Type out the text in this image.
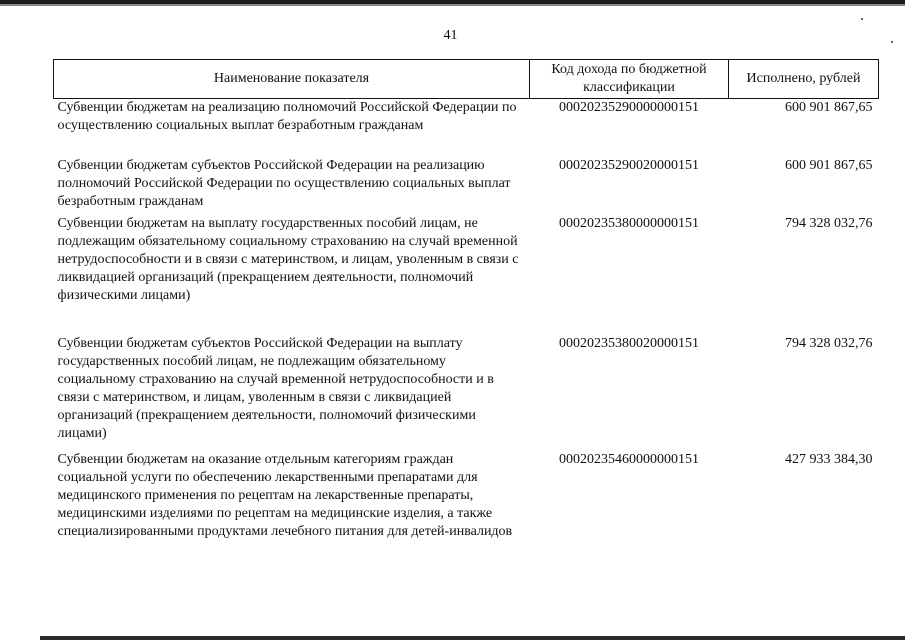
41
Наименование показателя	Код дохода по бюджетной классификации	Исполнено, рублей
Субвенции бюджетам на реализацию полномочий Российской Федерации по осуществлению социальных выплат безработным гражданам	00020235290000000151	600 901 867,65
Субвенции бюджетам субъектов Российской Федерации на реализацию полномочий Российской Федерации по осуществлению социальных выплат безработным гражданам	00020235290020000151	600 901 867,65
Субвенции бюджетам на выплату государственных пособий лицам, не подлежащим обязательному социальному страхованию на случай временной нетрудоспособности и в связи с материнством, и лицам, уволенным в связи с ликвидацией организаций (прекращением деятельности, полномочий физическими лицами)	00020235380000000151	794 328 032,76
Субвенции бюджетам субъектов Российской Федерации на выплату государственных пособий лицам, не подлежащим обязательному социальному страхованию на случай временной нетрудоспособности и в связи с материнством, и лицам, уволенным в связи с ликвидацией организаций (прекращением деятельности, полномочий физическими лицами)	00020235380020000151	794 328 032,76
Субвенции бюджетам на оказание отдельным категориям граждан социальной услуги по обеспечению лекарственными препаратами для медицинского применения по рецептам на лекарственные препараты, медицинскими изделиями по рецептам на медицинские изделия, а также специализированными продуктами лечебного питания для детей-инвалидов	00020235460000000151	427 933 384,30
